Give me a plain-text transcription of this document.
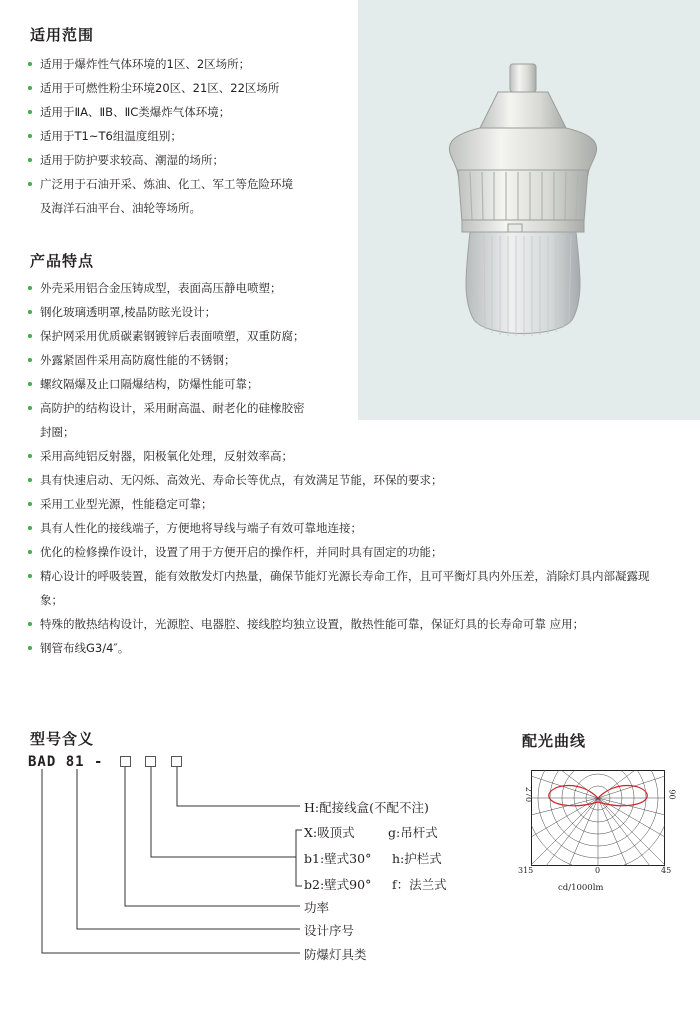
适用范围
适用于爆炸性气体环境的1区、2区场所；
适用于可燃性粉尘环境20区、21区、22区场所
适用于ⅡA、ⅡB、ⅡC类爆炸气体环境；
适用于T1~T6组温度组别；
适用于防护要求较高、潮湿的场所；
广泛用于石油开采、炼油、化工、军工等危险环境及海洋石油平台、油轮等场所。
产品特点
外壳采用铝合金压铸成型，表面高压静电喷塑；
钢化玻璃透明罩,棱晶防眩光设计；
保护网采用优质碳素钢镀锌后表面喷塑，双重防腐；
外露紧固件采用高防腐性能的不锈钢；
螺纹隔爆及止口隔爆结构，防爆性能可靠；
高防护的结构设计，采用耐高温、耐老化的硅橡胶密封圈；
采用高纯铝反射器，阳极氧化处理，反射效率高；
具有快速启动、无闪烁、高效光、寿命长等优点，有效满足节能，环保的要求；
采用工业型光源，性能稳定可靠；
具有人性化的接线端子，方便地将导线与端子有效可靠地连接；
优化的检修操作设计，设置了用于方便开启的操作杆，并同时具有固定的功能；
精心设计的呼吸装置，能有效散发灯内热量，确保节能灯光源长寿命工作，且可平衡灯具内外压差，消除灯具内部凝露现象；
特殊的散热结构设计，光源腔、电器腔、接线腔均独立设置，散热性能可靠，保证灯具的长寿命可靠 应用；
钢管布线G3/4″。
型号含义
BAD 81 -
H:配接线盒(不配不注)
X:吸顶式	g:吊杆式
b1:壁式30° h:护栏式
b2:壁式90° f：法兰式
功率
设计序号
防爆灯具类
配光曲线
270	90
315	0	45
cd/1000lm
